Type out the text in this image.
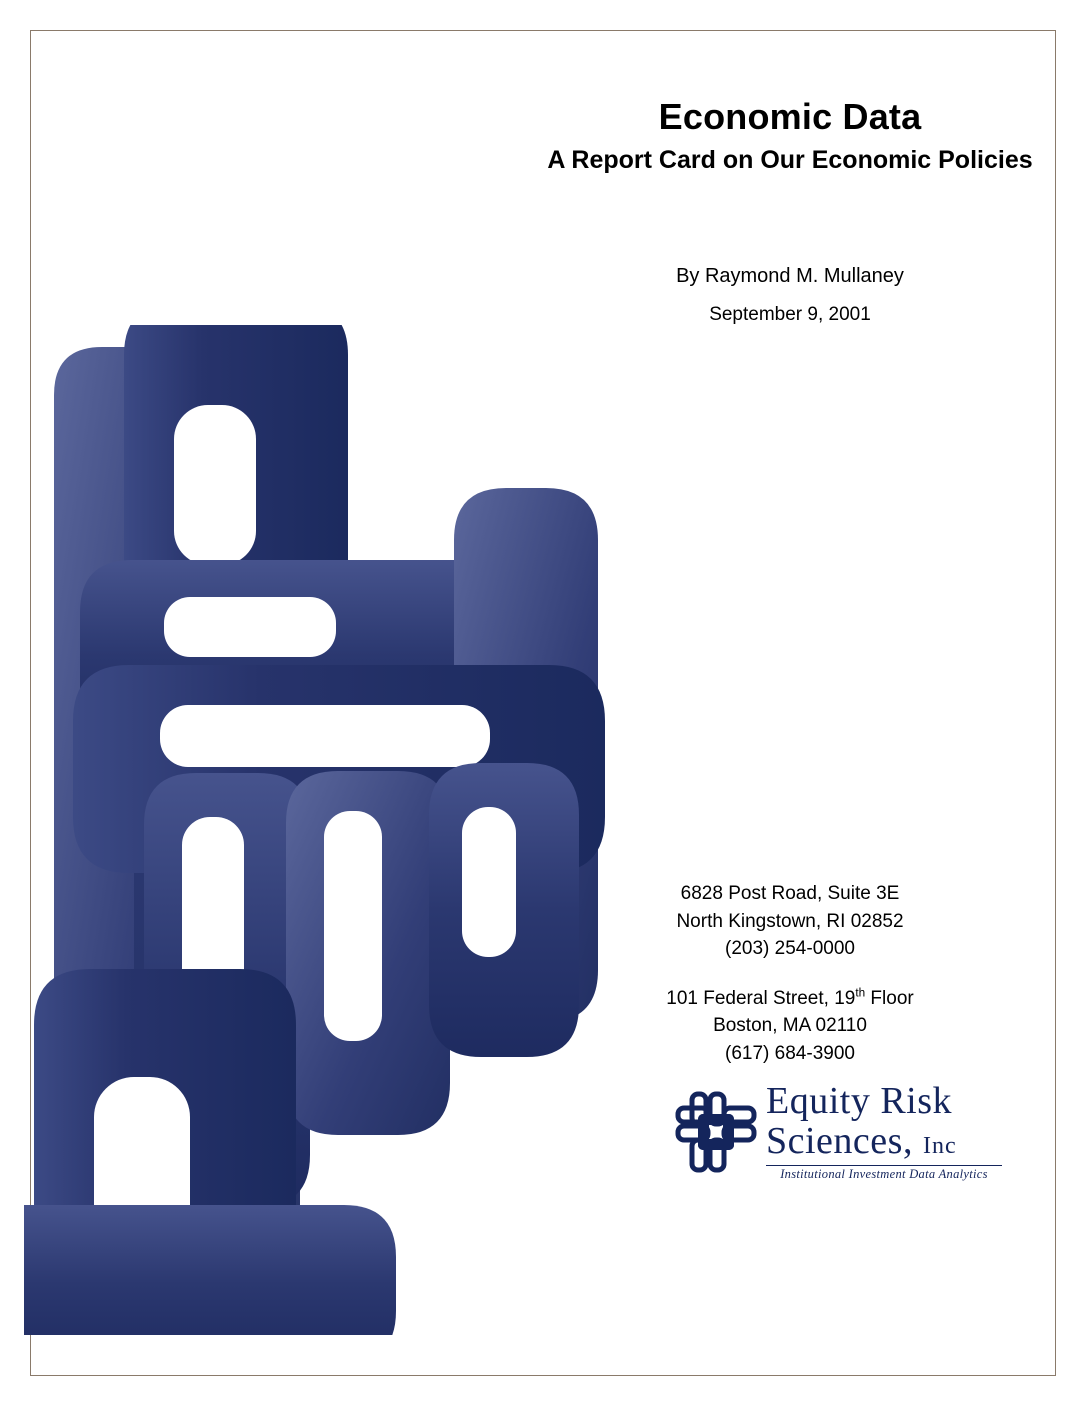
Economic Data
A Report Card on Our Economic Policies

By Raymond M. Mullaney

September 9, 2001

6828 Post Road, Suite 3E
North Kingstown, RI 02852
(203) 254-0000
101 Federal Street, 19th Floor
Boston, MA 02110
(617) 684-3900
Equity Risk
Sciences, Inc
Institutional Investment Data Analytics
